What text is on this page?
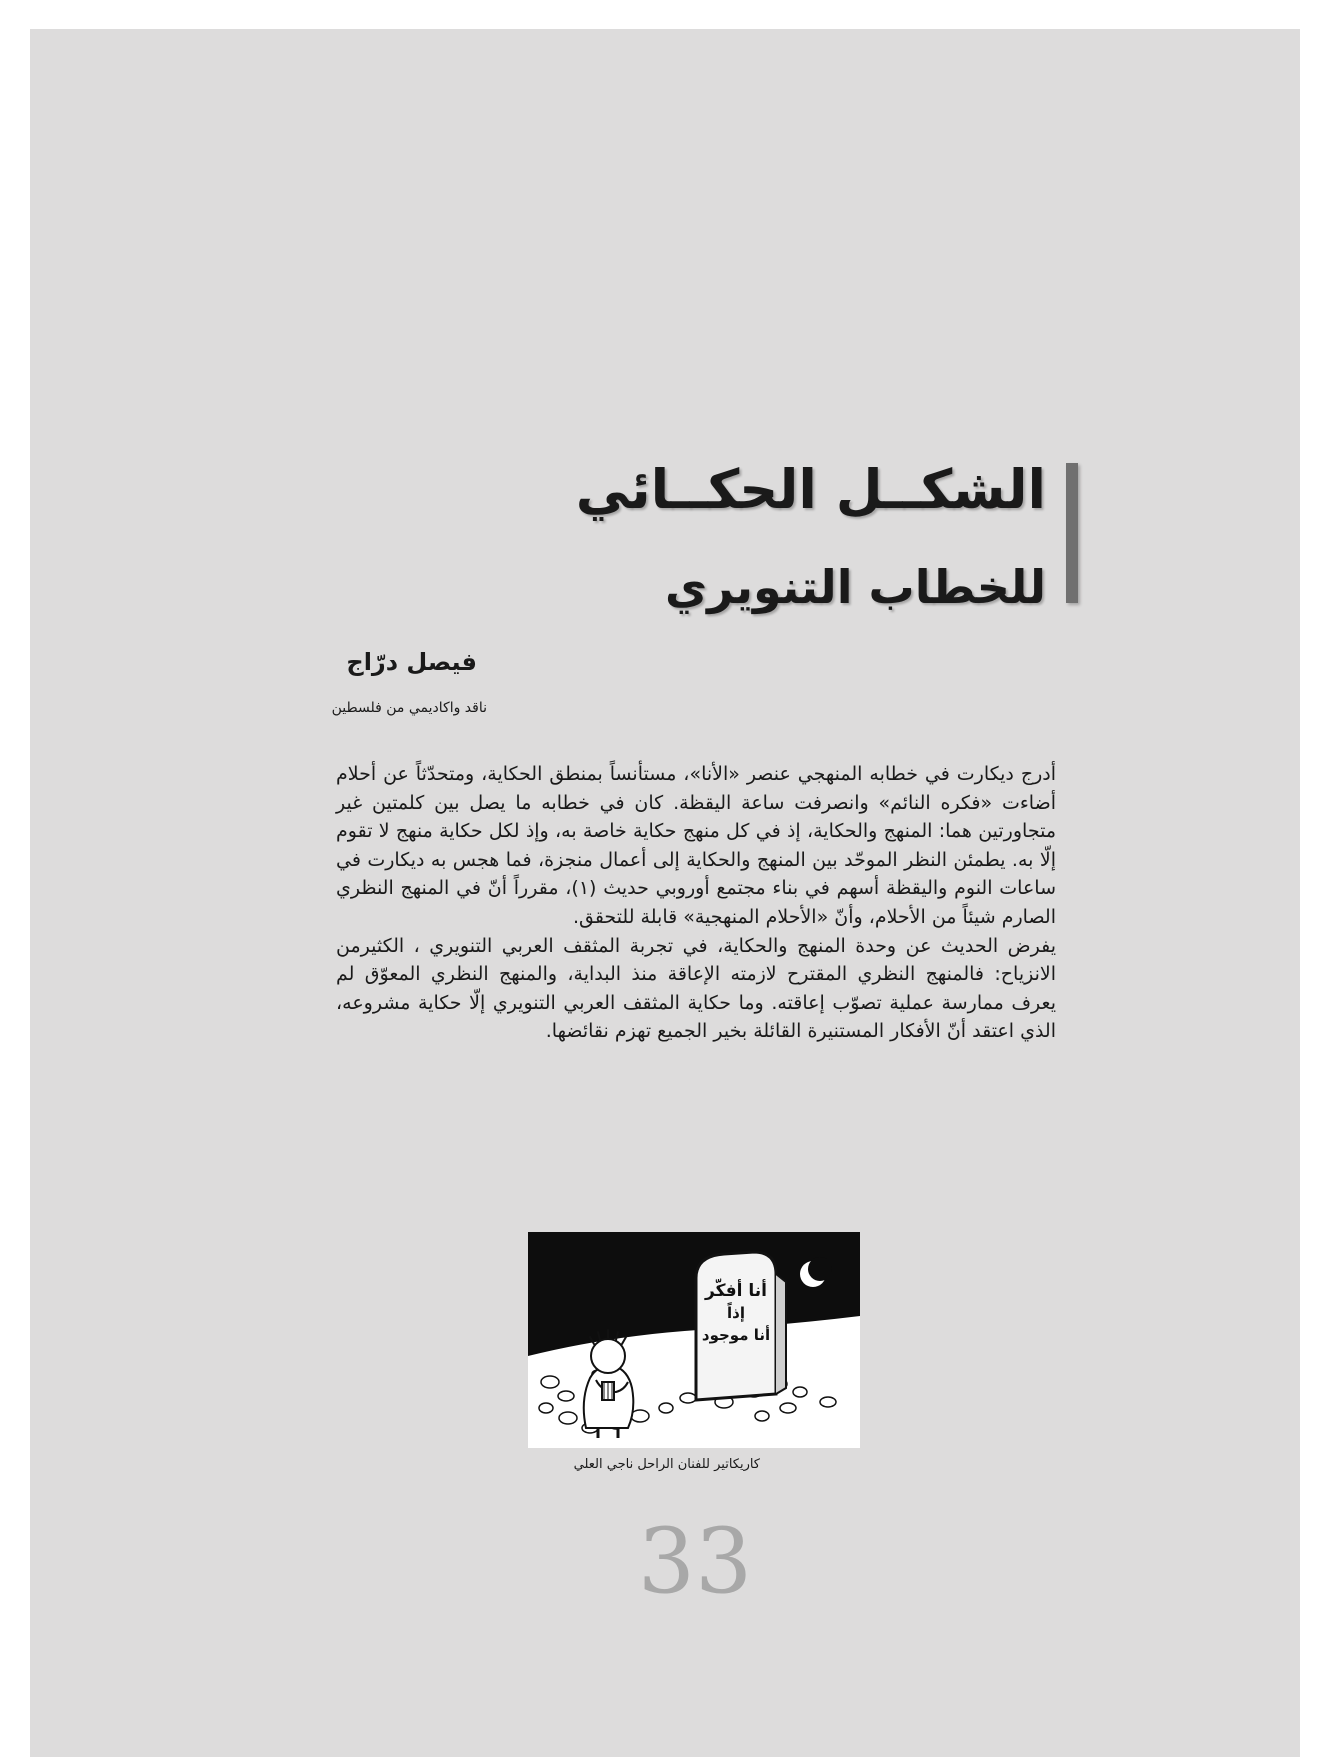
الشكــل الحكــائي
للخطاب التنويري
فيصل درّاج
ناقد واكاديمي من فلسطين

أدرج ديكارت في خطابه المنهجي عنصر «الأنا»، مستأنساً بمنطق الحكاية، ومتحدّثاً عن أحلام أضاءت «فكره النائم» وانصرفت ساعة اليقظة. كان في خطابه ما يصل بين كلمتين غير متجاورتين هما: المنهج والحكاية، إذ في كل منهج حكاية خاصة به، وإذ لكل حكاية منهج لا تقوم إلّا به. يطمئن النظر الموحّد بين المنهج والحكاية إلى أعمال منجزة، فما هجس به ديكارت في ساعات النوم واليقظة أسهم في بناء مجتمع أوروبي حديث (١)، مقرراً أنّ في المنهج النظري الصارم شيئاً من الأحلام، وأنّ «الأحلام المنهجية» قابلة للتحقق.

يفرض الحديث عن وحدة المنهج والحكاية، في تجربة المثقف العربي التنويري ، الكثيرمن الانزياح: فالمنهج النظري المقترح لازمته الإعاقة منذ البداية، والمنهج النظري المعوّق لم يعرف ممارسة عملية تصوّب إعاقته. وما حكاية المثقف العربي التنويري إلّا حكاية مشروعه، الذي اعتقد أنّ الأفكار المستنيرة القائلة بخير الجميع تهزم نقائضها.

أنا أفكّر
إذاً
أنا موجود
كاريكاتير للفنان الراحل ناجي العلي
33
